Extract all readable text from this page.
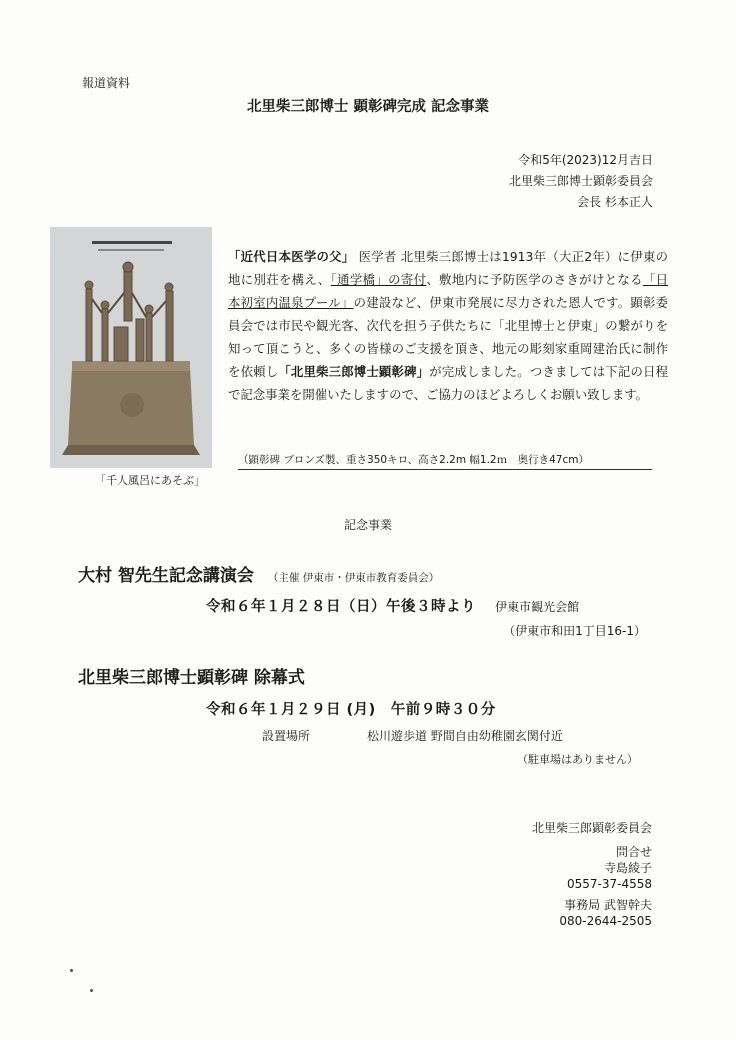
報道資料
北里柴三郎博士 顕彰碑完成 記念事業
令和5年(2023)12月吉日
北里柴三郎博士顕彰委員会
会長 杉本正人
「千人風呂にあそぶ」
「近代日本医学の父」 医学者 北里柴三郎博士は1913年（大正2年）に伊東の地に別荘を構え、「通学橋」の寄付、敷地内に予防医学のさきがけとなる「日本初室内温泉プール」の建設など、伊東市発展に尽力された恩人です。顕彰委員会では市民や観光客、次代を担う子供たちに「北里博士と伊東」の繋がりを知って頂こうと、多くの皆様のご支援を頂き、地元の彫刻家重岡建治氏に制作を依頼し「北里柴三郎博士顕彰碑」が完成しました。つきましては下記の日程で記念事業を開催いたしますので、ご協力のほどよろしくお願い致します。
（顕彰碑 ブロンズ製、重さ350キロ、高さ2.2m 幅1.2ｍ　奥行き47cm）
記念事業
大村 智先生記念講演会 （主催 伊東市・伊東市教育委員会）
令和６年１月２８日（日）午後３時より 伊東市観光会館
（伊東市和田1丁目16-1）
北里柴三郎博士顕彰碑 除幕式
令和６年１月２９日 (月)　午前９時３０分
設置場所	松川遊歩道 野間自由幼稚園玄関付近
（駐車場はありません）
北里柴三郎顕彰委員会
問合せ
寺島綾子
0557-37-4558
事務局 武智幹夫
080-2644-2505
